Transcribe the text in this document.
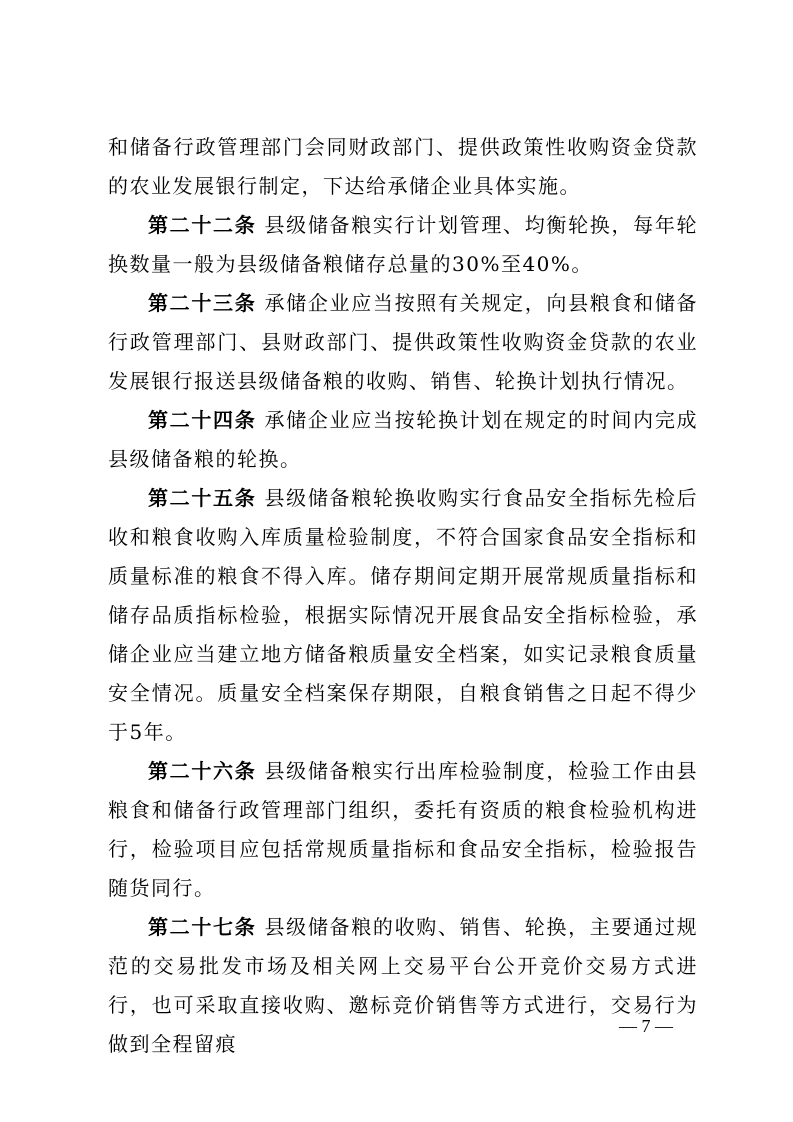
和储备行政管理部门会同财政部门、提供政策性收购资金贷款的农业发展银行制定，下达给承储企业具体实施。

第二十二条 县级储备粮实行计划管理、均衡轮换，每年轮换数量一般为县级储备粮储存总量的30%至40%。

第二十三条 承储企业应当按照有关规定，向县粮食和储备行政管理部门、县财政部门、提供政策性收购资金贷款的农业发展银行报送县级储备粮的收购、销售、轮换计划执行情况。

第二十四条 承储企业应当按轮换计划在规定的时间内完成县级储备粮的轮换。

第二十五条 县级储备粮轮换收购实行食品安全指标先检后收和粮食收购入库质量检验制度，不符合国家食品安全指标和质量标准的粮食不得入库。储存期间定期开展常规质量指标和储存品质指标检验，根据实际情况开展食品安全指标检验，承储企业应当建立地方储备粮质量安全档案，如实记录粮食质量安全情况。质量安全档案保存期限，自粮食销售之日起不得少于5年。

第二十六条 县级储备粮实行出库检验制度，检验工作由县粮食和储备行政管理部门组织，委托有资质的粮食检验机构进行，检验项目应包括常规质量指标和食品安全指标，检验报告随货同行。

第二十七条 县级储备粮的收购、销售、轮换，主要通过规范的交易批发市场及相关网上交易平台公开竞价交易方式进行，也可采取直接收购、邀标竞价销售等方式进行，交易行为做到全程留痕

— 7 —
